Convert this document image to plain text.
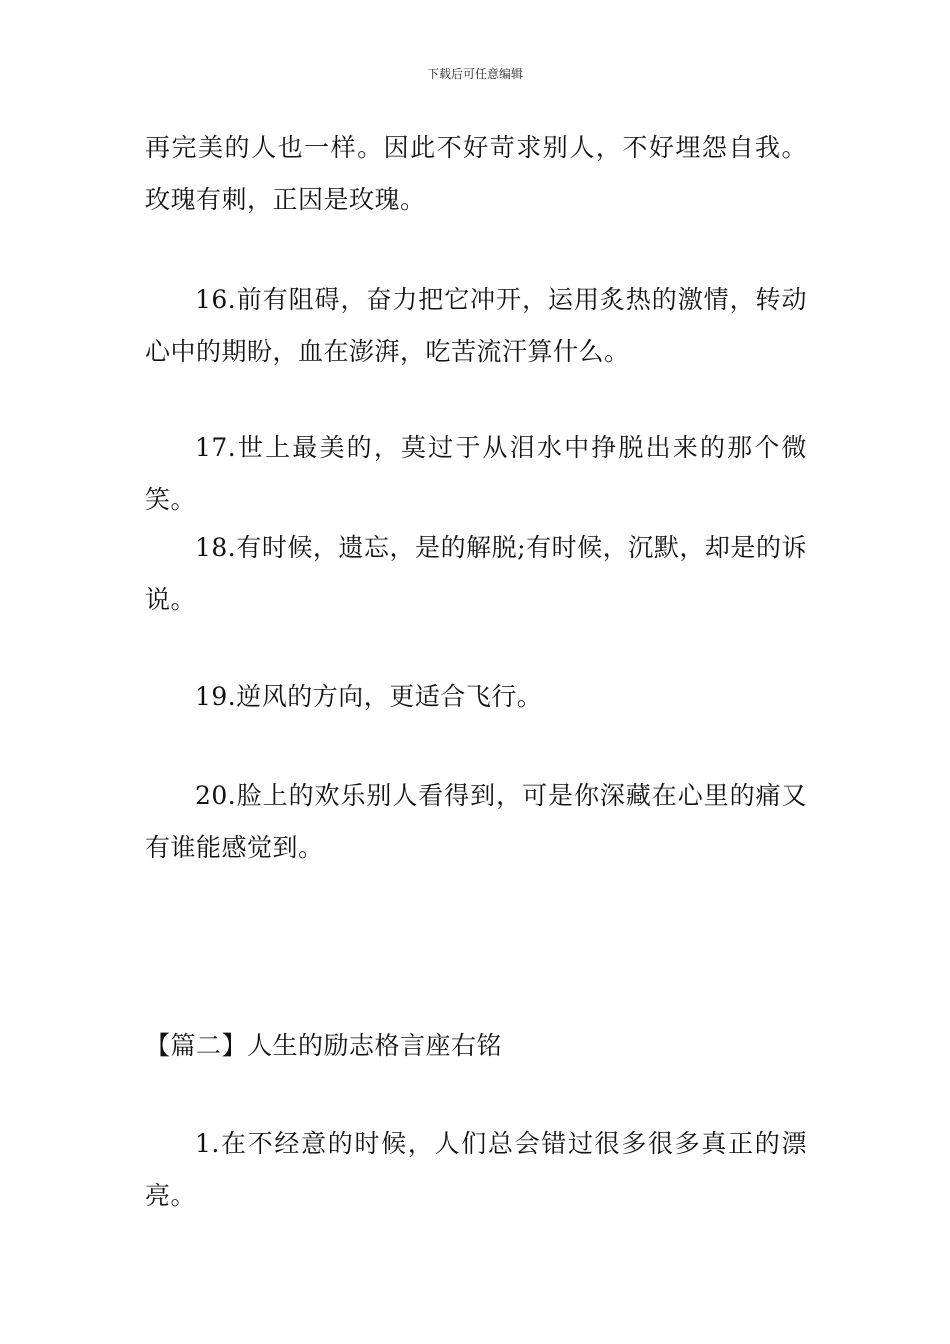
下载后可任意编辑
再完美的人也一样。因此不好苛求别人，不好埋怨自我。玫瑰有刺，正因是玫瑰。
16.前有阻碍，奋力把它冲开，运用炙热的激情，转动心中的期盼，血在澎湃，吃苦流汗算什么。
17.世上最美的，莫过于从泪水中挣脱出来的那个微笑。
18.有时候，遗忘，是的解脱;有时候，沉默，却是的诉说。
19.逆风的方向，更适合飞行。
20.脸上的欢乐别人看得到，可是你深藏在心里的痛又有谁能感觉到。
【篇二】人生的励志格言座右铭
1.在不经意的时候，人们总会错过很多很多真正的漂亮。
